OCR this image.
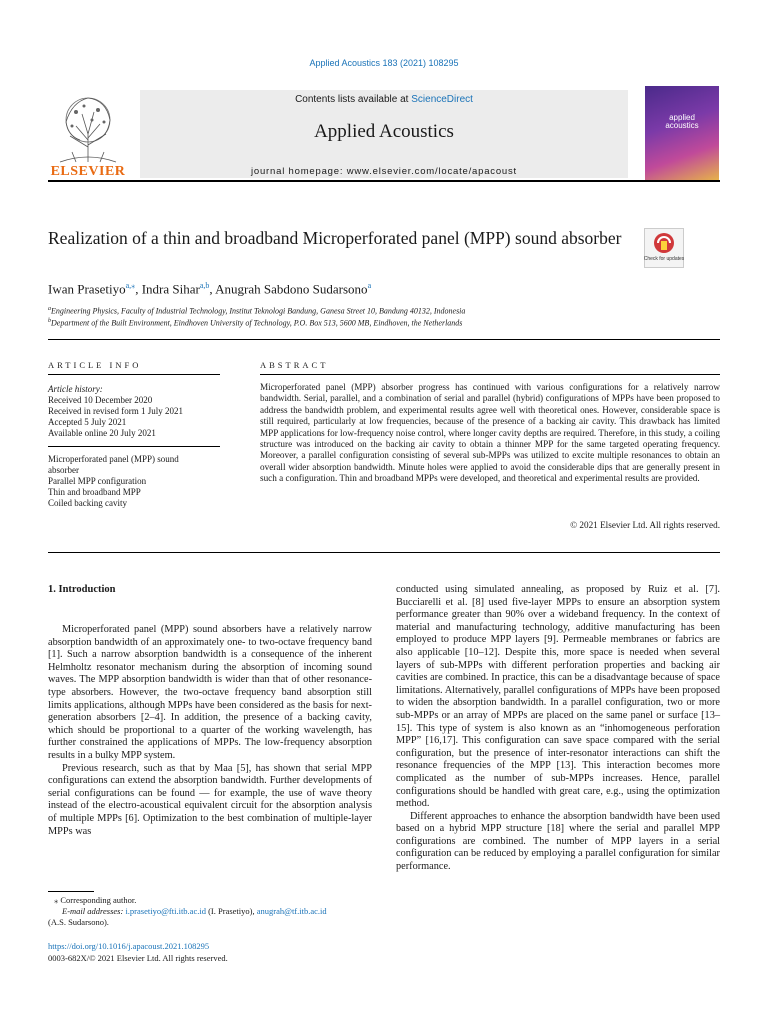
Applied Acoustics 183 (2021) 108295
Contents lists available at ScienceDirect
Applied Acoustics
journal homepage: www.elsevier.com/locate/apacoust
ELSEVIER
applied
acoustics
Realization of a thin and broadband Microperforated panel (MPP) sound absorber
Check for updates
Iwan Prasetiyo$^{a,⁎}$, Indra Sihar$^{a,b}$, Anugrah Sabdono Sudarsono$^a$
$^a$Engineering Physics, Faculty of Industrial Technology, Institut Teknologi Bandung, Ganesa Street 10, Bandung 40132, Indonesia
$^b$Department of the Built Environment, Eindhoven University of Technology, P.O. Box 513, 5600 MB, Eindhoven, the Netherlands
ARTICLE INFO
Article history:
Received 10 December 2020
Received in revised form 1 July 2021
Accepted 5 July 2021
Available online 20 July 2021
Microperforated panel (MPP) sound absorber
Parallel MPP configuration
Thin and broadband MPP
Coiled backing cavity
ABSTRACT
Microperforated panel (MPP) absorber progress has continued with various configurations for a relatively narrow bandwidth. Serial, parallel, and a combination of serial and parallel (hybrid) configurations of MPPs have been proposed to address the bandwidth problem, and experimental results agree well with theoretical ones. However, considerable space is still required, particularly at low frequencies, because of the presence of a backing air cavity. This drawback has limited MPP applications for low-frequency noise control, where longer cavity depths are required. Therefore, in this study, a coiling structure was introduced on the backing air cavity to obtain a thinner MPP for the same targeted operating frequency. Moreover, a parallel configuration consisting of several sub-MPPs was utilized to excite multiple resonances to obtain an overall wider absorption bandwidth. Minute holes were applied to avoid the considerable dips that are generally present in such a configuration. Thin and broadband MPPs were developed, and theoretical and experimental results are provided.
© 2021 Elsevier Ltd. All rights reserved.
1. Introduction

Microperforated panel (MPP) sound absorbers have a relatively narrow absorption bandwidth of an approximately one- to two-octave frequency band [1]. Such a narrow absorption bandwidth is a consequence of the inherent Helmholtz resonator mechanism during the absorption of incoming sound waves. The MPP absorption bandwidth is wider than that of other resonance-type absorbers. However, the two-octave frequency band absorption still limits applications, although MPPs have been considered as the basis for next-generation absorbers [2–4]. In addition, the presence of a backing cavity, which should be proportional to a quarter of the working wavelength, has further constrained the applications of MPPs. The low-frequency absorption results in a bulky MPP system.

Previous research, such as that by Maa [5], has shown that serial MPP configurations can extend the absorption bandwidth. Further developments of serial configurations can be found — for example, the use of wave theory instead of the electro-acoustical equivalent circuit for the absorption analysis of multiple MPPs [6]. Optimization to the best combination of multiple-layer MPPs was

conducted using simulated annealing, as proposed by Ruiz et al. [7]. Bucciarelli et al. [8] used five-layer MPPs to ensure an absorption system performance greater than 90% over a wideband frequency. In the context of material and manufacturing technology, additive manufacturing has been employed to produce MPP layers [9]. Permeable membranes or fabrics are also applicable [10–12]. Despite this, more space is needed when several layers of sub-MPPs with different perforation properties and backing air cavities are combined. In practice, this can be a disadvantage because of space limitations. Alternatively, parallel configurations of MPPs have been proposed to widen the absorption bandwidth. In a parallel configuration, two or more sub-MPPs or an array of MPPs are placed on the same panel or surface [13–15]. This type of system is also known as an “inhomogeneous perforation MPP” [16,17]. This configuration can save space compared with the serial configuration, but the presence of inter-resonator interactions can shift the resonance frequencies of the MPP [13]. This interaction becomes more complicated as the number of sub-MPPs increases. Hence, parallel configurations should be handled with great care, e.g., using the optimization method.

Different approaches to enhance the absorption bandwidth have been used based on a hybrid MPP structure [18] where the serial and parallel MPP configurations are combined. The number of MPP layers in a serial configuration can be reduced by employing a parallel configuration for similar performance.

⁎ Corresponding author.
E-mail addresses: i.prasetiyo@fti.itb.ac.id (I. Prasetiyo), anugrah@tf.itb.ac.id
(A.S. Sudarsono).
https://doi.org/10.1016/j.apacoust.2021.108295
0003-682X/© 2021 Elsevier Ltd. All rights reserved.
